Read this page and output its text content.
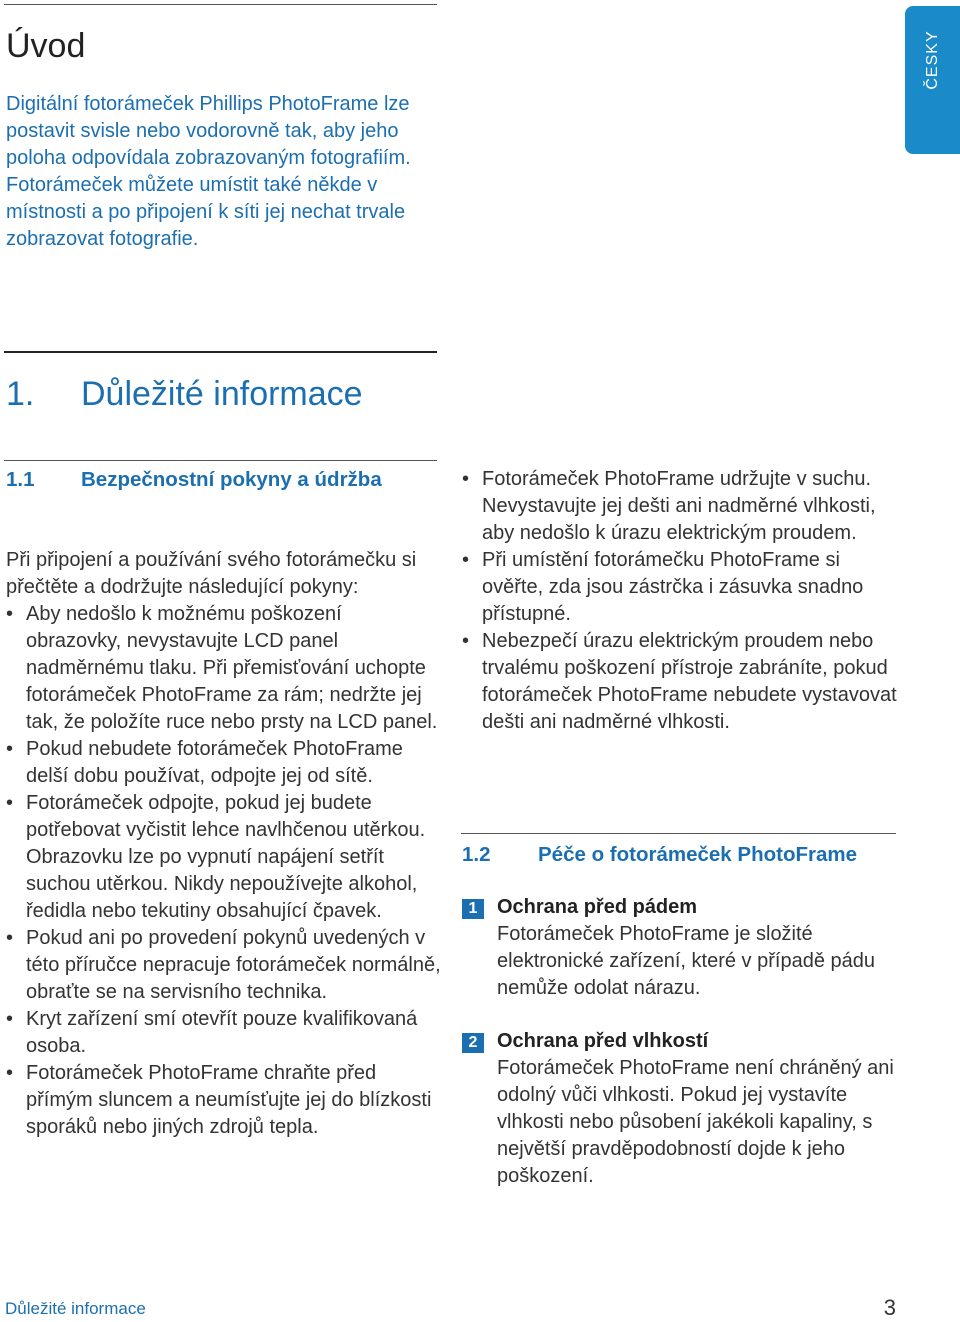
ČESKY
Úvod

Digitální fotorámeček Phillips PhotoFrame lze postavit svisle nebo vodorovně tak, aby jeho poloha odpovídala zobrazovaným fotografiím. Fotorámeček můžete umístit také někde v místnosti a po připojení k síti jej nechat trvale zobrazovat fotografie.

1. Důležité informace
1.1 Bezpečnostní pokyny a údržba

Při připojení a používání svého fotorámečku si přečtěte a dodržujte následující pokyny:

• Aby nedošlo k možnému poškození obrazovky, nevystavujte LCD panel nadměrnému tlaku. Při přemisťování uchopte fotorámeček PhotoFrame za rám; nedržte jej tak, že položíte ruce nebo prsty na LCD panel.
• Pokud nebudete fotorámeček PhotoFrame delší dobu používat, odpojte jej od sítě.
• Fotorámeček odpojte, pokud jej budete potřebovat vyčistit lehce navlhčenou utěrkou. Obrazovku lze po vypnutí napájení setřít suchou utěrkou. Nikdy nepoužívejte alkohol, ředidla nebo tekutiny obsahující čpavek.
• Pokud ani po provedení pokynů uvedených v této příručce nepracuje fotorámeček normálně, obraťte se na servisního technika.
• Kryt zařízení smí otevřít pouze kvalifikovaná osoba.
• Fotorámeček PhotoFrame chraňte před přímým sluncem a neumísťujte jej do blízkosti sporáků nebo jiných zdrojů tepla.
• Fotorámeček PhotoFrame udržujte v suchu. Nevystavujte jej dešti ani nadměrné vlhkosti, aby nedošlo k úrazu elektrickým proudem.
• Při umístění fotorámečku PhotoFrame si ověřte, zda jsou zástrčka i zásuvka snadno přístupné.
• Nebezpečí úrazu elektrickým proudem nebo trvalému poškození přístroje zabráníte, pokud fotorámeček PhotoFrame nebudete vystavovat dešti ani nadměrné vlhkosti.
1.2 Péče o fotorámeček PhotoFrame
1 Ochrana před pádem
Fotorámeček PhotoFrame je složité elektronické zařízení, které v případě pádu nemůže odolat nárazu.
2 Ochrana před vlhkostí
Fotorámeček PhotoFrame není chráněný ani odolný vůči vlhkosti. Pokud jej vystavíte vlhkosti nebo působení jakékoli kapaliny, s největší pravděpodobností dojde k jeho poškození.
Důležité informace	3
